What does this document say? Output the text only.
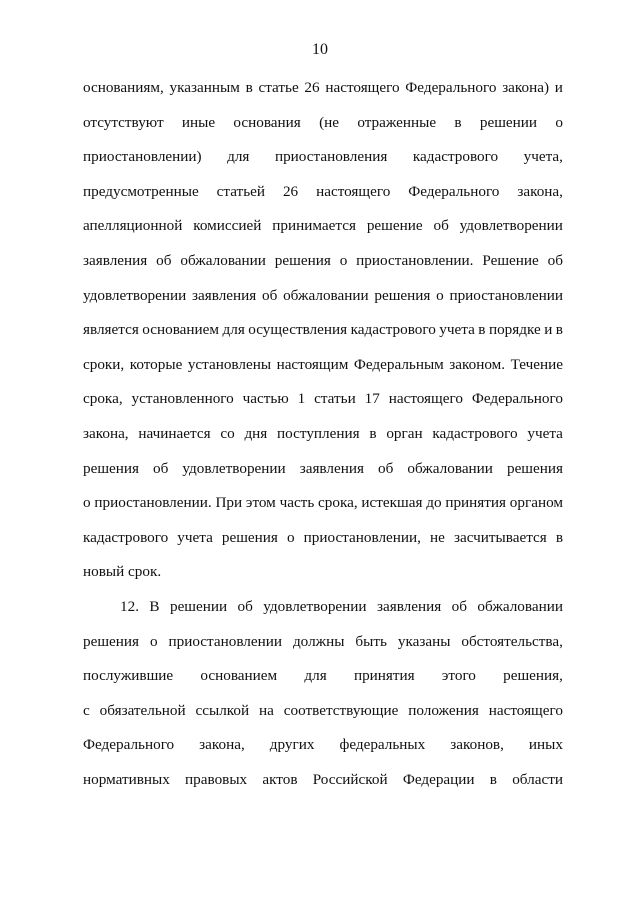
10
основаниям, указанным в статье 26 настоящего Федерального закона) и
отсутствуют иные основания (не отраженные в решении о
приостановлении) для приостановления кадастрового учета,
предусмотренные статьей 26 настоящего Федерального закона,
апелляционной комиссией принимается решение об удовлетворении
заявления об обжаловании решения о приостановлении. Решение об
удовлетворении заявления об обжаловании решения о приостановлении
является основанием для осуществления кадастрового учета в порядке и в
сроки, которые установлены настоящим Федеральным законом. Течение
срока, установленного частью 1 статьи 17 настоящего Федерального
закона, начинается со дня поступления в орган кадастрового учета
решения об удовлетворении заявления об обжаловании решения
о приостановлении. При этом часть срока, истекшая до принятия органом
кадастрового учета решения о приостановлении, не засчитывается в
новый срок.
12. В решении об удовлетворении заявления об обжаловании
решения о приостановлении должны быть указаны обстоятельства,
послужившие основанием для принятия этого решения,
с обязательной ссылкой на соответствующие положения настоящего
Федерального закона, других федеральных законов, иных
нормативных правовых актов Российской Федерации в области
